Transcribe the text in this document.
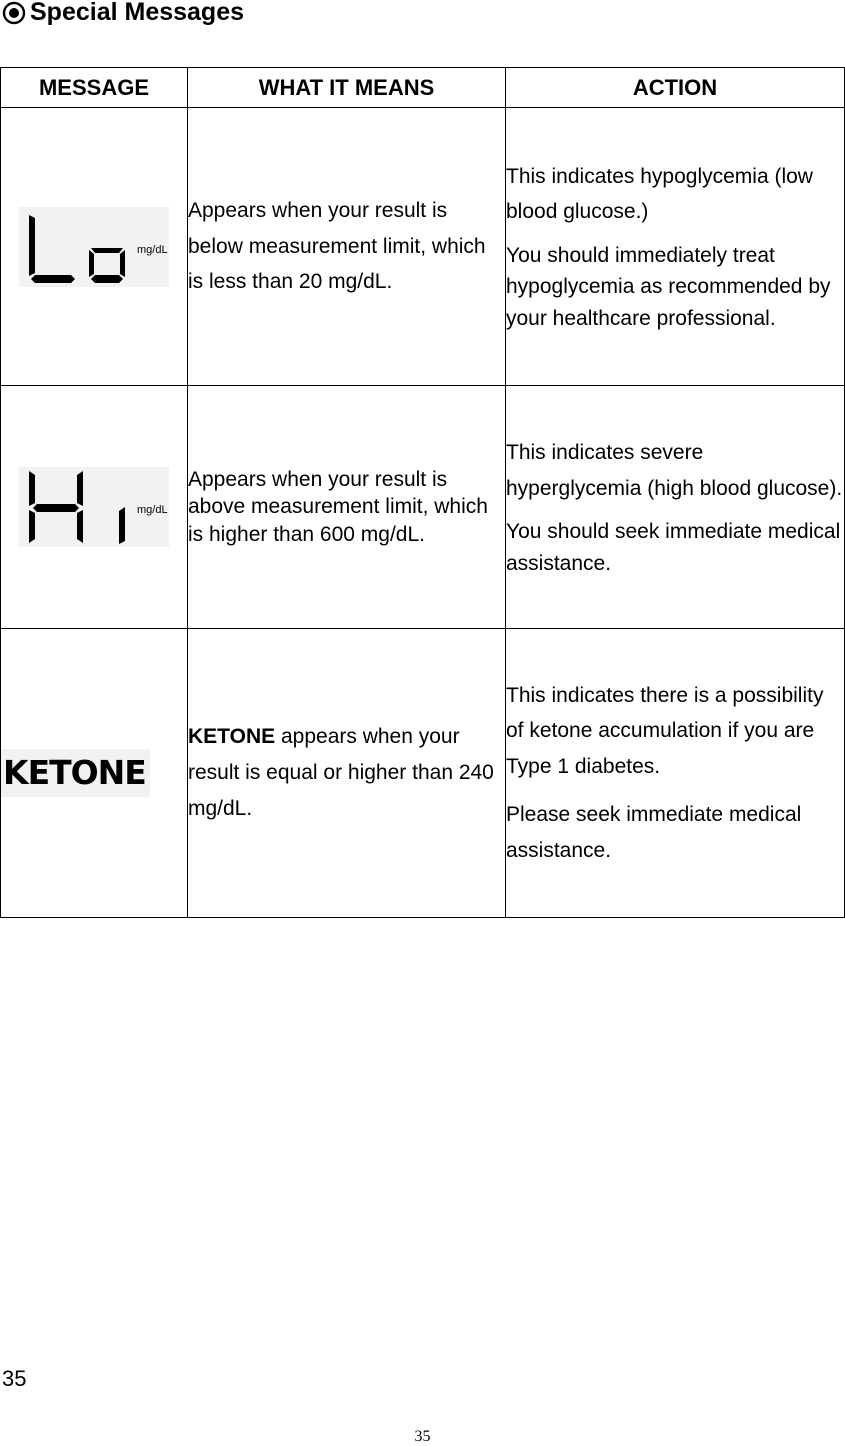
Special Messages
MESSAGE	WHAT IT MEANS	ACTION

mg/dL	Appears when your result is below measurement limit, which is less than 20 mg/dL.	This indicates hypoglycemia (low blood glucose.)
You should immediately treat hypoglycemia as recommended by your healthcare professional.

mg/dL	Appears when your result is above measurement limit, which is higher than 600 mg/dL.	This indicates severe hyperglycemia (high blood glucose).
You should seek immediate medical assistance.

KETONE	KETONE appears when your result is equal or higher than 240 mg/dL.	This indicates there is a possibility of ketone accumulation if you are Type 1 diabetes.
Please seek immediate medical assistance.
35
35
